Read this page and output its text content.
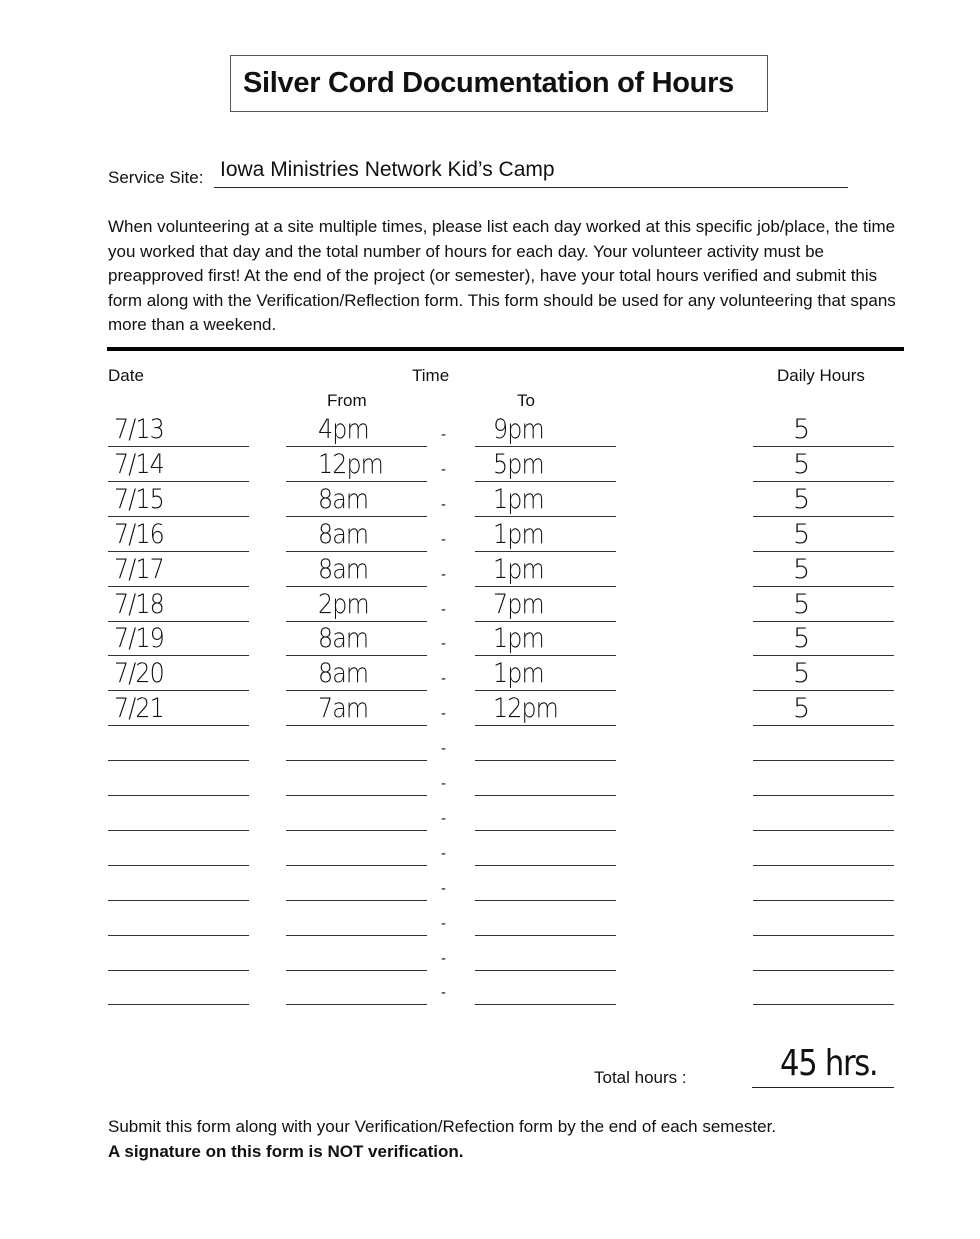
Silver Cord Documentation of Hours
Service Site: Iowa Ministries Network Kid’s Camp

When volunteering at a site multiple times, please list each day worked at this specific job/place, the time you worked that day and the total number of hours for each day. Your volunteer activity must be preapproved first! At the end of the project (or semester), have your total hours verified and submit this form along with the Verification/Reflection form. This form should be used for any volunteering that spans more than a weekend.

Date	Time	Daily Hours
From	To
7/13	4pm	9pm	5
-
7/14	12pm	5pm	5
-
7/15	8am	1pm	5
-
7/16	8am	1pm	5
-
7/17	8am	1pm	5
-
7/18	2pm	7pm	5
-
7/19	8am	1pm	5
-
7/20	8am	1pm	5
-
7/21	7am	12pm	5
-
-
-
-
-
-
-
-
-
Total hours :	45 hrs.
Submit this form along with your Verification/Refection form by the end of each semester.
A signature on this form is NOT verification.
